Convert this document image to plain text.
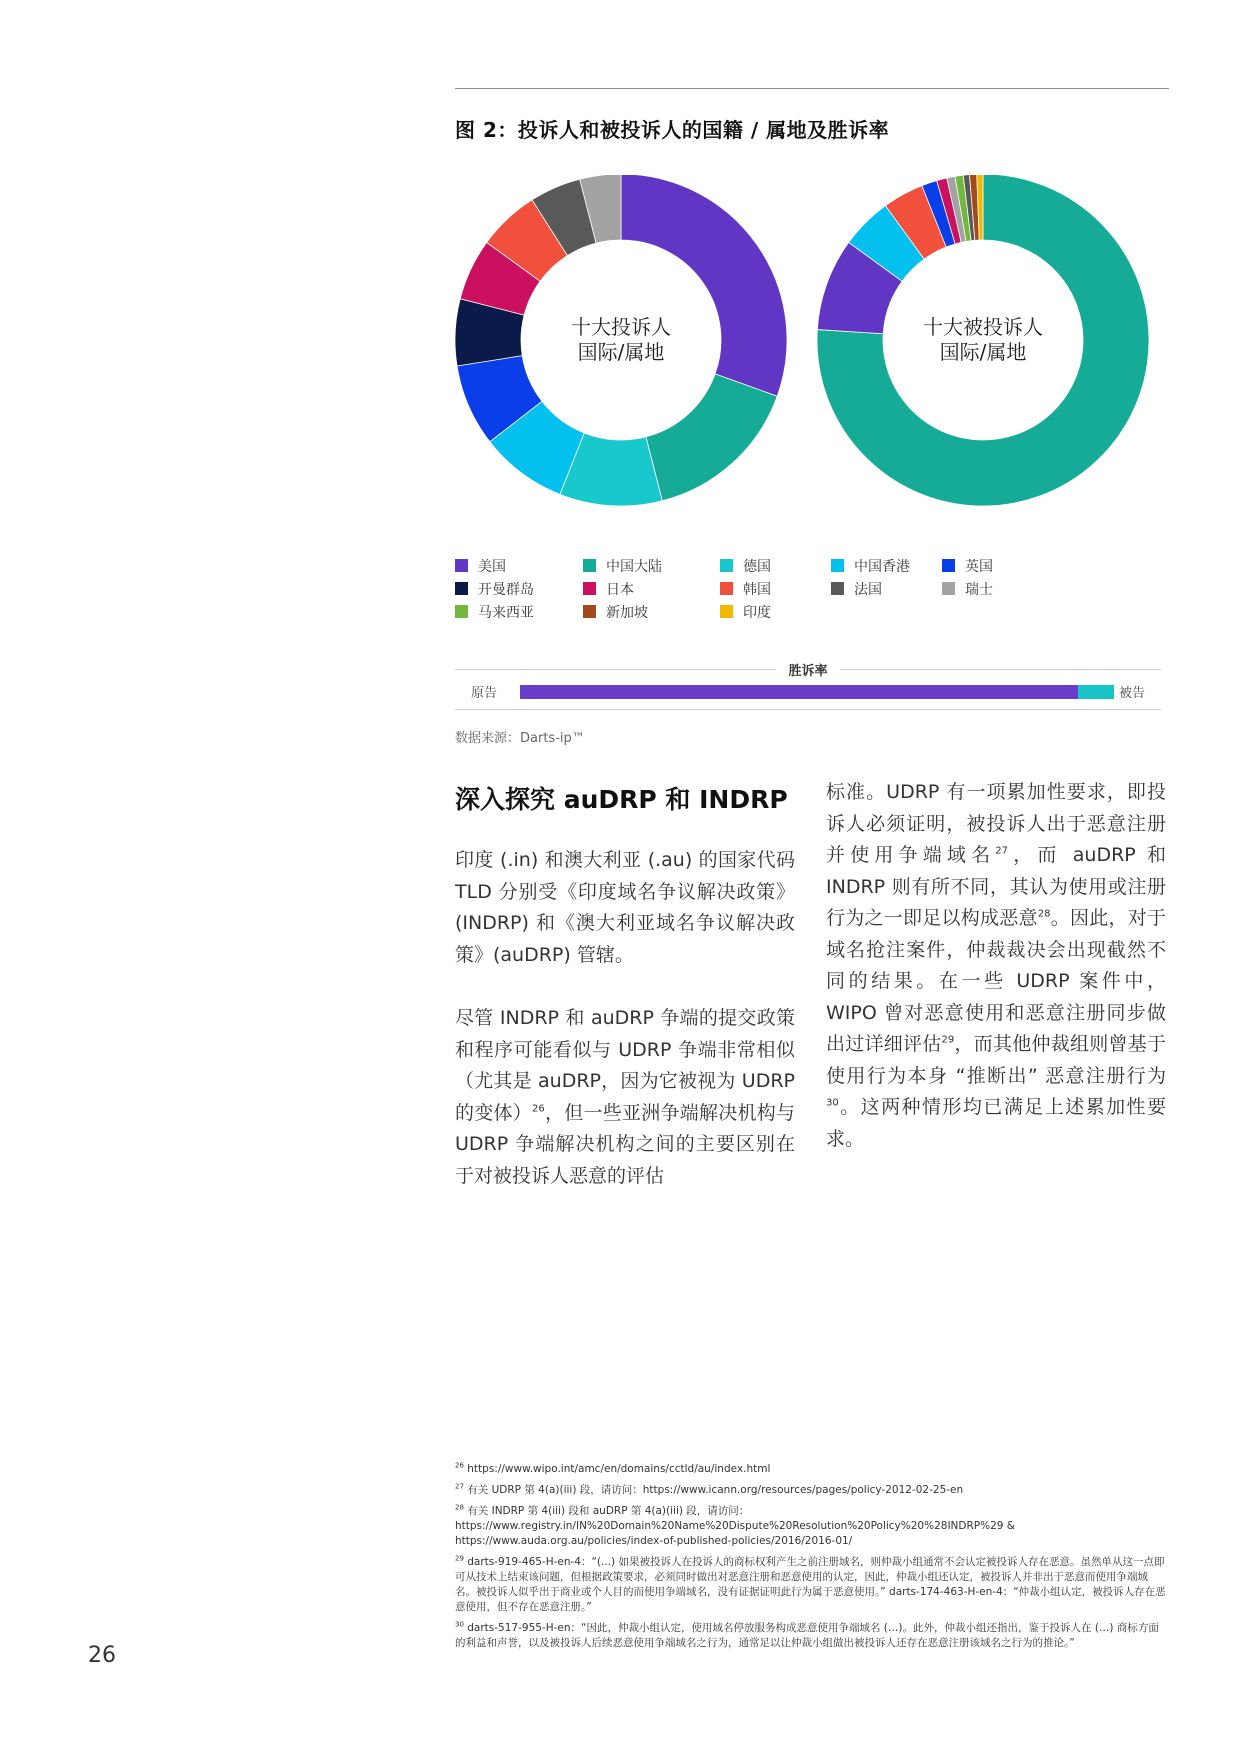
图 2：投诉人和被投诉人的国籍 / 属地及胜诉率
十大投诉人
国际/属地
十大被投诉人
国际/属地
美国	中国大陆	德国	中国香港	英国
开曼群岛	日本	韩国	法国	瑞士
马来西亚	新加坡	印度
胜诉率
原告	被告
数据来源：Darts-ip™
深入探究 auDRP 和 INDRP
印度 (.in) 和澳大利亚 (.au) 的国家代码 TLD 分别受《印度域名争议解决政策》(INDRP) 和《澳大利亚域名争议解决政策》(auDRP) 管辖。
尽管 INDRP 和 auDRP 争端的提交政策和程序可能看似与 UDRP 争端非常相似（尤其是 auDRP，因为它被视为 UDRP 的变体）$^{26}$，但一些亚洲争端解决机构与 UDRP 争端解决机构之间的主要区别在于对被投诉人恶意的评估
标准。UDRP 有一项累加性要求，即投诉人必须证明，被投诉人出于恶意注册并使用争端域名$^{27}$，而 auDRP 和 INDRP 则有所不同，其认为使用或注册行为之一即足以构成恶意$^{28}$。因此，对于域名抢注案件，仲裁裁决会出现截然不同的结果。在一些 UDRP 案件中，WIPO 曾对恶意使用和恶意注册同步做出过详细评估$^{29}$，而其他仲裁组则曾基于使用行为本身 “推断出” 恶意注册行为$^{30}$。这两种情形均已满足上述累加性要求。
$^{26}$ https://www.wipo.int/amc/en/domains/cctld/au/index.html
$^{27}$ 有关 UDRP 第 4(a)(iii) 段，请访问：https://www.icann.org/resources/pages/policy-2012-02-25-en
$^{28}$ 有关 INDRP 第 4(iii) 段和 auDRP 第 4(a)(iii) 段，请访问：https://www.registry.in/IN%20Domain%20Name%20Dispute%20Resolution%20Policy%20%28INDRP%29 & https://www.auda.org.au/policies/index-of-published-policies/2016/2016-01/
$^{29}$ darts-919-465-H-en-4：“(...) 如果被投诉人在投诉人的商标权利产生之前注册域名，则仲裁小组通常不会认定被投诉人存在恶意。虽然单从这一点即可从技术上结束该问题，但根据政策要求，必须同时做出对恶意注册和恶意使用的认定，因此，仲裁小组还认定，被投诉人并非出于恶意而使用争端域名。被投诉人似乎出于商业或个人目的而使用争端域名，没有证据证明此行为属于恶意使用。” darts-174-463-H-en-4：“仲裁小组认定，被投诉人存在恶意使用，但不存在恶意注册。”
$^{30}$ darts-517-955-H-en：“因此，仲裁小组认定，使用域名停放服务构成恶意使用争端域名 (…)。此外，仲裁小组还指出，鉴于投诉人在 (…) 商标方面的利益和声誉，以及被投诉人后续恶意使用争端域名之行为，通常足以让仲裁小组做出被投诉人还存在恶意注册该域名之行为的推论。”
26
